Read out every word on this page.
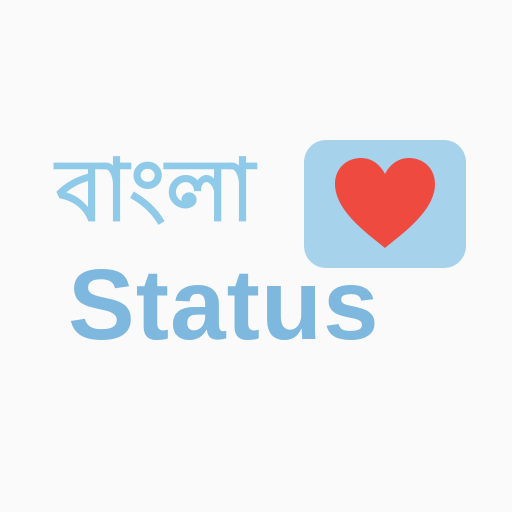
বাংলা
Status
